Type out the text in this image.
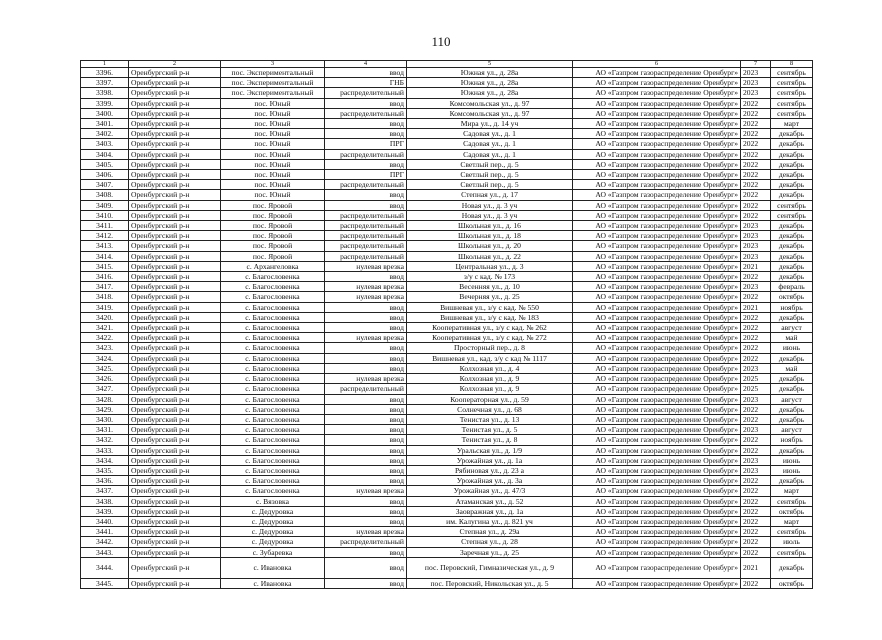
110
1	2	3	4	5	6	7	8
3396.	Оренбургский р-н	пос. Экспериментальный	ввод	Южная ул., д. 28а	АО «Газпром газораспределение Оренбург»	2023	сентябрь
3397.	Оренбургский р-н	пос. Экспериментальный	ГНБ	Южная ул., д. 28а	АО «Газпром газораспределение Оренбург»	2023	сентябрь
3398.	Оренбургский р-н	пос. Экспериментальный	распределительный	Южная ул., д. 28а	АО «Газпром газораспределение Оренбург»	2023	сентябрь
3399.	Оренбургский р-н	пос. Юный	ввод	Комсомольская ул., д. 97	АО «Газпром газораспределение Оренбург»	2022	сентябрь
3400.	Оренбургский р-н	пос. Юный	распределительный	Комсомольская ул., д. 97	АО «Газпром газораспределение Оренбург»	2022	сентябрь
3401.	Оренбургский р-н	пос. Юный	ввод	Мира ул., д. 14 уч	АО «Газпром газораспределение Оренбург»	2022	март
3402.	Оренбургский р-н	пос. Юный	ввод	Садовая ул., д. 1	АО «Газпром газораспределение Оренбург»	2022	декабрь
3403.	Оренбургский р-н	пос. Юный	ПРГ	Садовая ул., д. 1	АО «Газпром газораспределение Оренбург»	2022	декабрь
3404.	Оренбургский р-н	пос. Юный	распределительный	Садовая ул., д. 1	АО «Газпром газораспределение Оренбург»	2022	декабрь
3405.	Оренбургский р-н	пос. Юный	ввод	Светлый пер., д. 5	АО «Газпром газораспределение Оренбург»	2022	декабрь
3406.	Оренбургский р-н	пос. Юный	ПРГ	Светлый пер., д. 5	АО «Газпром газораспределение Оренбург»	2022	декабрь
3407.	Оренбургский р-н	пос. Юный	распределительный	Светлый пер., д. 5	АО «Газпром газораспределение Оренбург»	2022	декабрь
3408.	Оренбургский р-н	пос. Юный	ввод	Степная ул., д. 17	АО «Газпром газораспределение Оренбург»	2022	декабрь
3409.	Оренбургский р-н	пос. Яровой	ввод	Новая ул., д. 3 уч	АО «Газпром газораспределение Оренбург»	2022	сентябрь
3410.	Оренбургский р-н	пос. Яровой	распределительный	Новая ул., д. 3 уч	АО «Газпром газораспределение Оренбург»	2022	сентябрь
3411.	Оренбургский р-н	пос. Яровой	распределительный	Школьная ул., д. 16	АО «Газпром газораспределение Оренбург»	2023	декабрь
3412.	Оренбургский р-н	пос. Яровой	распределительный	Школьная ул., д. 18	АО «Газпром газораспределение Оренбург»	2023	декабрь
3413.	Оренбургский р-н	пос. Яровой	распределительный	Школьная ул., д. 20	АО «Газпром газораспределение Оренбург»	2023	декабрь
3414.	Оренбургский р-н	пос. Яровой	распределительный	Школьная ул., д. 22	АО «Газпром газораспределение Оренбург»	2023	декабрь
3415.	Оренбургский р-н	с. Архангеловка	нулевая врезка	Центральная ул., д. 3	АО «Газпром газораспределение Оренбург»	2021	декабрь
3416.	Оренбургский р-н	с. Благословенка	ввод	з/у с кад. № 173	АО «Газпром газораспределение Оренбург»	2022	декабрь
3417.	Оренбургский р-н	с. Благословенка	нулевая врезка	Весенняя ул., д. 10	АО «Газпром газораспределение Оренбург»	2023	февраль
3418.	Оренбургский р-н	с. Благословенка	нулевая врезка	Вечерняя ул., д. 25	АО «Газпром газораспределение Оренбург»	2022	октябрь
3419.	Оренбургский р-н	с. Благословенка	ввод	Вишневая ул., з/у с кад. № 550	АО «Газпром газораспределение Оренбург»	2021	ноябрь
3420.	Оренбургский р-н	с. Благословенка	ввод	Вишневая ул., з/у с кад. № 183	АО «Газпром газораспределение Оренбург»	2022	декабрь
3421.	Оренбургский р-н	с. Благословенка	ввод	Кооперативная ул., з/у с кад. № 262	АО «Газпром газораспределение Оренбург»	2022	август
3422.	Оренбургский р-н	с. Благословенка	нулевая врезка	Кооперативная ул., з/у с кад. № 272	АО «Газпром газораспределение Оренбург»	2022	май
3423.	Оренбургский р-н	с. Благословенка	ввод	Просторный пер., д. 8	АО «Газпром газораспределение Оренбург»	2022	июнь
3424.	Оренбургский р-н	с. Благословенка	ввод	Вишневая ул., кад. з/у с кад № 1117	АО «Газпром газораспределение Оренбург»	2022	декабрь
3425.	Оренбургский р-н	с. Благословенка	ввод	Колхозная ул., д. 4	АО «Газпром газораспределение Оренбург»	2023	май
3426.	Оренбургский р-н	с. Благословенка	нулевая врезка	Колхозная ул., д. 9	АО «Газпром газораспределение Оренбург»	2025	декабрь
3427.	Оренбургский р-н	с. Благословенка	распределительный	Колхозная ул., д. 9	АО «Газпром газораспределение Оренбург»	2025	декабрь
3428.	Оренбургский р-н	с. Благословенка	ввод	Кооператорная ул., д. 59	АО «Газпром газораспределение Оренбург»	2023	август
3429.	Оренбургский р-н	с. Благословенка	ввод	Солнечная ул., д. 68	АО «Газпром газораспределение Оренбург»	2022	декабрь
3430.	Оренбургский р-н	с. Благословенка	ввод	Тенистая ул., д. 13	АО «Газпром газораспределение Оренбург»	2022	декабрь
3431.	Оренбургский р-н	с. Благословенка	ввод	Тенистая ул., д. 5	АО «Газпром газораспределение Оренбург»	2023	август
3432.	Оренбургский р-н	с. Благословенка	ввод	Тенистая ул., д. 8	АО «Газпром газораспределение Оренбург»	2022	ноябрь
3433.	Оренбургский р-н	с. Благословенка	ввод	Уральская ул., д. 1/9	АО «Газпром газораспределение Оренбург»	2022	декабрь
3434.	Оренбургский р-н	с. Благословенка	ввод	Урожайная ул., д. 1а	АО «Газпром газораспределение Оренбург»	2023	июнь
3435.	Оренбургский р-н	с. Благословенка	ввод	Рябиновая ул., д. 23 а	АО «Газпром газораспределение Оренбург»	2023	июнь
3436.	Оренбургский р-н	с. Благословенка	ввод	Урожайная ул., д. 3а	АО «Газпром газораспределение Оренбург»	2022	декабрь
3437.	Оренбургский р-н	с. Благословенка	нулевая врезка	Урожайная ул., д. 47/3	АО «Газпром газораспределение Оренбург»	2022	март
3438.	Оренбургский р-н	с. Вязовка	ввод	Атаманская ул., д. 52	АО «Газпром газораспределение Оренбург»	2022	сентябрь
3439.	Оренбургский р-н	с. Дедуровка	ввод	Заовражная ул., д. 1а	АО «Газпром газораспределение Оренбург»	2022	октябрь
3440.	Оренбургский р-н	с. Дедуровка	ввод	им. Калугина ул., д. 821 уч	АО «Газпром газораспределение Оренбург»	2022	март
3441.	Оренбургский р-н	с. Дедуровка	нулевая врезка	Степная ул., д. 29а	АО «Газпром газораспределение Оренбург»	2022	сентябрь
3442.	Оренбургский р-н	с. Дедуровка	распределительный	Степная ул., д. 28	АО «Газпром газораспределение Оренбург»	2022	июль
3443.	Оренбургский р-н	с. Зубаревка	ввод	Заречная ул., д. 25	АО «Газпром газораспределение Оренбург»	2022	сентябрь
3444.	Оренбургский р-н	с. Ивановка	ввод	пос. Перовский, Гимназическая ул., д. 9	АО «Газпром газораспределение Оренбург»	2021	декабрь
3445.	Оренбургский р-н	с. Ивановка	ввод	пос. Перовский, Никольская ул., д. 5	АО «Газпром газораспределение Оренбург»	2022	октябрь
